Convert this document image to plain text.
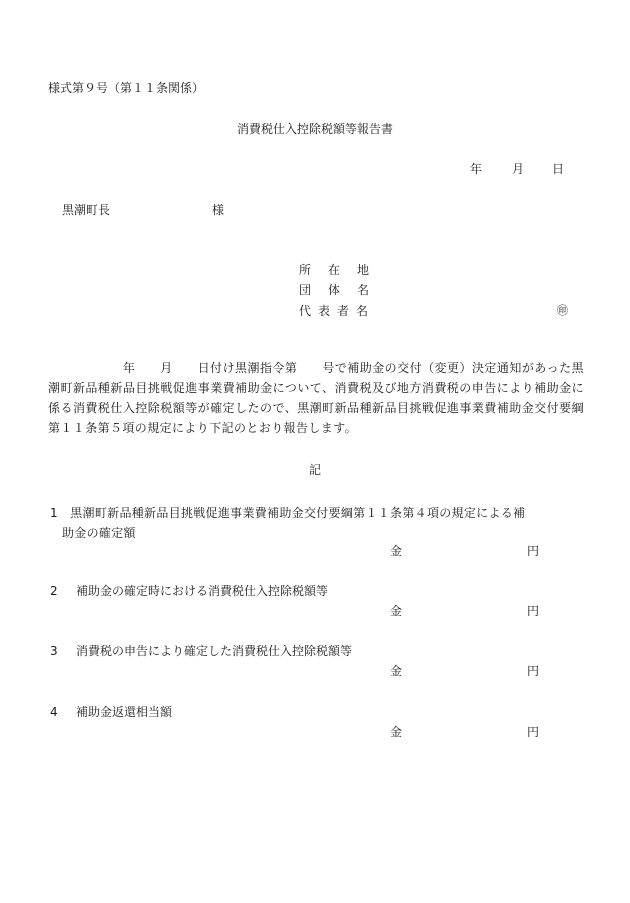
様式第９号（第１１条関係）
消費税仕入控除税額等報告書
年 月 日
黒潮町長	様
所在地
団体名
代表者名	㊞
　　　　　　年　　月　　日付け黒潮指令第　　号で補助金の交付（変更）決定通知があった黒潮町新品種新品目挑戦促進事業費補助金について、消費税及び地方消費税の申告により補助金に係る消費税仕入控除税額等が確定したので、黒潮町新品種新品目挑戦促進事業費補助金交付要綱第１１条第５項の規定により下記のとおり報告します。
記
1　黒潮町新品種新品目挑戦促進事業費補助金交付要綱第１１条第４項の規定による補
助金の確定額
金	円
2 補助金の確定時における消費税仕入控除税額等
金	円
3 消費税の申告により確定した消費税仕入控除税額等
金	円
4 補助金返還相当額
金	円
